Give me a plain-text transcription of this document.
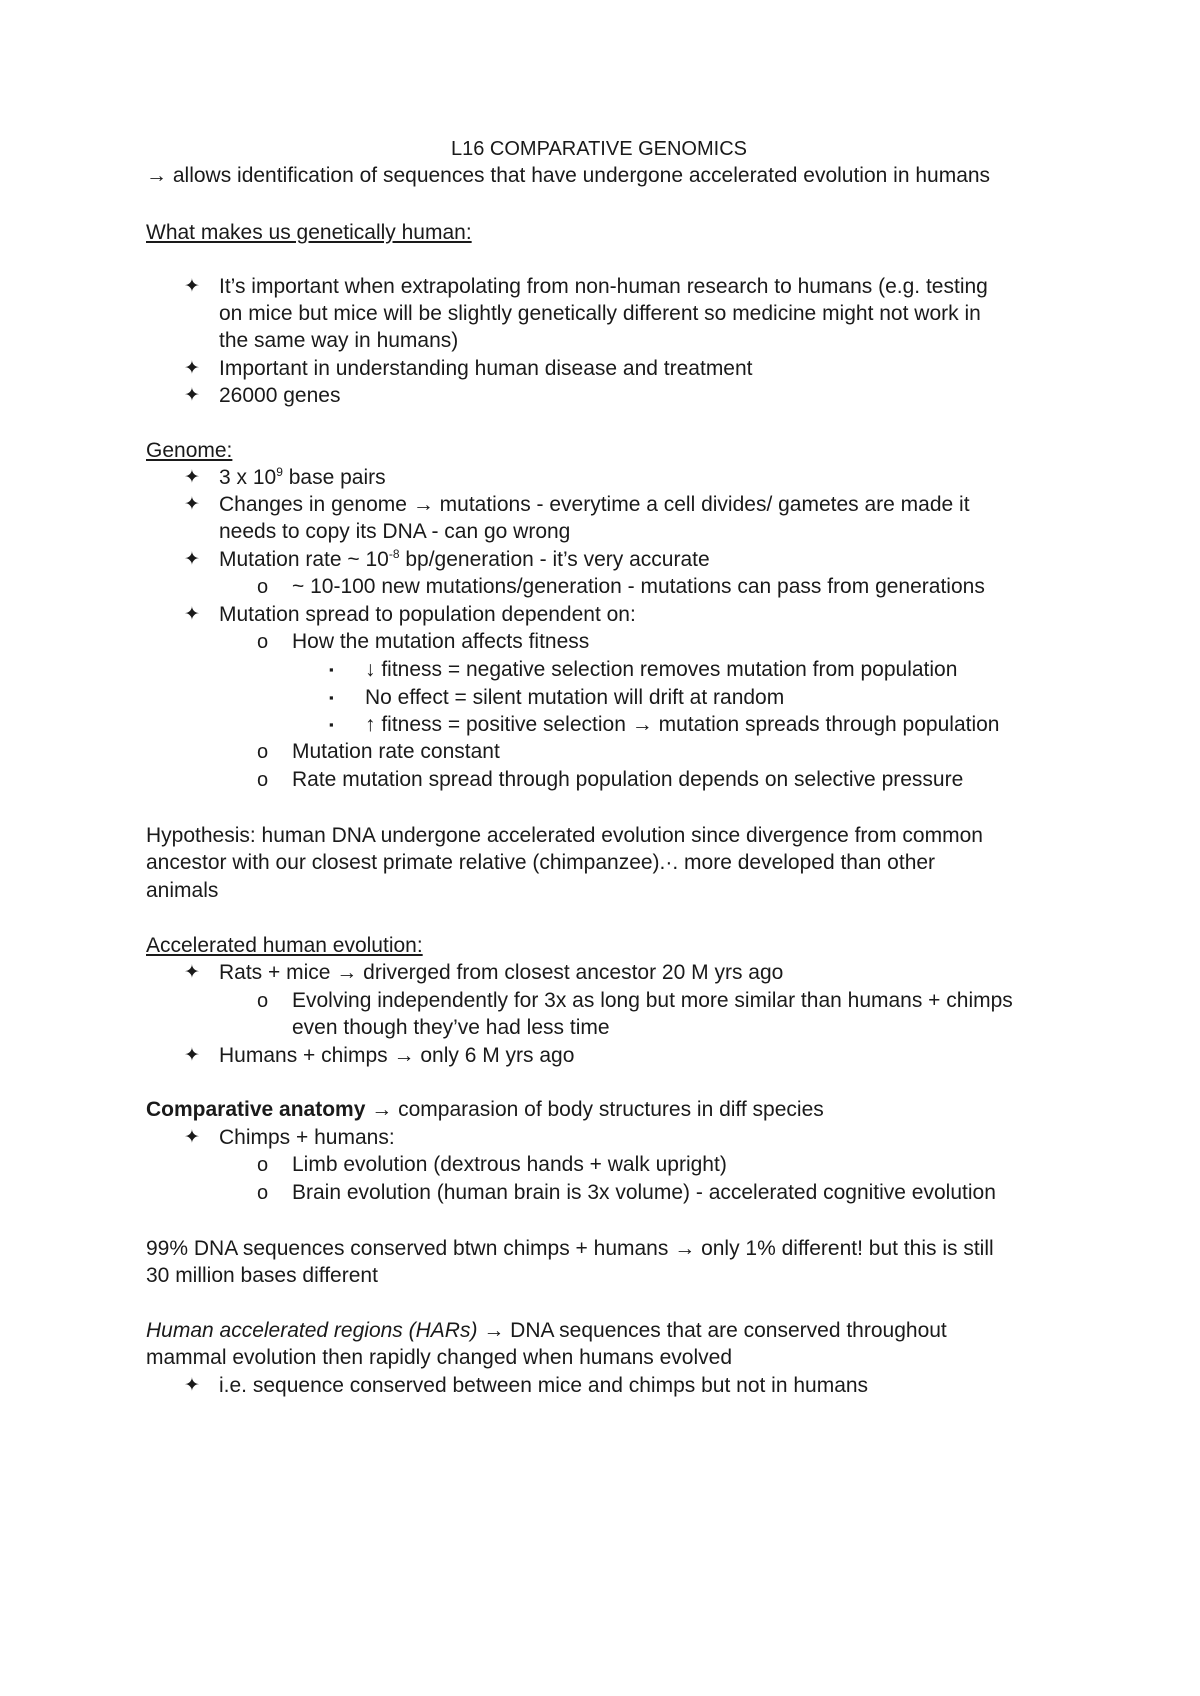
L16 COMPARATIVE GENOMICS
→ allows identification of sequences that have undergone accelerated evolution in humans
What makes us genetically human:
✦ It’s important when extrapolating from non-human research to humans (e.g. testing
on mice but mice will be slightly genetically different so medicine might not work in
the same way in humans)
✦ Important in understanding human disease and treatment
✦ 26000 genes
Genome:
✦ 3 x $10^9$ base pairs
✦ Changes in genome → mutations - everytime a cell divides/ gametes are made it
needs to copy its DNA - can go wrong
✦ Mutation rate ~ $10^{-8}$ bp/generation - it’s very accurate
o ~ 10-100 new mutations/generation - mutations can pass from generations
✦ Mutation spread to population dependent on:
o How the mutation affects fitness
▪ ↓ fitness = negative selection removes mutation from population
▪ No effect = silent mutation will drift at random
▪ ↑ fitness = positive selection → mutation spreads through population
o Mutation rate constant
o Rate mutation spread through population depends on selective pressure
Hypothesis: human DNA undergone accelerated evolution since divergence from common
ancestor with our closest primate relative (chimpanzee).·. more developed than other
animals
Accelerated human evolution:
✦ Rats + mice → driverged from closest ancestor 20 M yrs ago
o Evolving independently for 3x as long but more similar than humans + chimps
even though they’ve had less time
✦ Humans + chimps → only 6 M yrs ago
Comparative anatomy → comparasion of body structures in diff species
✦ Chimps + humans:
o Limb evolution (dextrous hands + walk upright)
o Brain evolution (human brain is 3x volume) - accelerated cognitive evolution
99% DNA sequences conserved btwn chimps + humans → only 1% different! but this is still
30 million bases different
Human accelerated regions (HARs) → DNA sequences that are conserved throughout
mammal evolution then rapidly changed when humans evolved
✦ i.e. sequence conserved between mice and chimps but not in humans
